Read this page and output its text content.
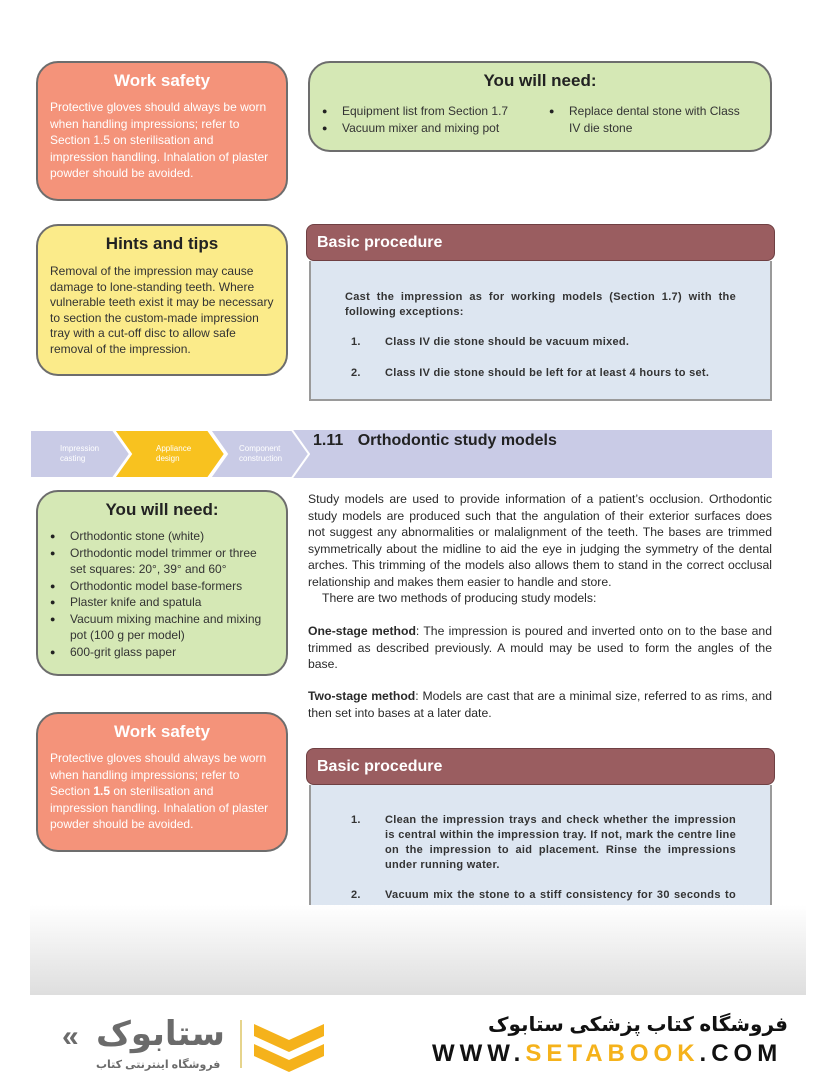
Work safety

Protective gloves should always be worn when handling impressions; refer to Section 1.5 on sterilisation and impression handling. Inhalation of plaster powder should be avoided.

You will need:
● Equipment list from Section 1.7
● Vacuum mixer and mixing pot
● Replace dental stone with Class IV die stone
Hints and tips

Removal of the impression may cause damage to lone-standing teeth. Where vulnerable teeth exist it may be necessary to section the custom-made impression tray with a cut-off disc to allow safe removal of the impression.

Basic procedure
Cast the impression as for working models (Section 1.7) with the following exceptions:
1.	Class IV die stone should be vacuum mixed.
2.	Class IV die stone should be left for at least 4 hours to set.
Impression casting
Appliance design
Component construction
1.11 Orthodontic study models
You will need:
● Orthodontic stone (white)
● Orthodontic model trimmer or three set squares: 20°, 39° and 60°
● Orthodontic model base-formers
● Plaster knife and spatula
● Vacuum mixing machine and mixing pot (100 g per model)
● 600-grit glass paper

Study models are used to provide information of a patient’s occlusion. Orthodontic study models are produced such that the angulation of their exterior surfaces does not suggest any abnormalities or malalignment of the teeth. The bases are trimmed symmetrically about the midline to aid the eye in judging the symmetry of the dental arches. This trimming of the models also allows them to stand in the correct occlusal relationship and makes them easier to handle and store.

There are two methods of producing study models:

One-stage method: The impression is poured and inverted onto on to the base and trimmed as described previously. A mould may be used to form the angles of the base.

Two-stage method: Models are cast that are a minimal size, referred to as rims, and then set into bases at a later date.

Work safety

Protective gloves should always be worn when handling impressions; refer to Section 1.5 on sterilisation and impression handling. Inhalation of plaster powder should be avoided.

Basic procedure
1.	Clean the impression trays and check whether the impression is central within the impression tray. If not, mark the centre line on the impression to aid placement. Rinse the impressions under running water.
2.	Vacuum mix the stone to a stiff consistency for 30 seconds to
« ستابوک
فروشگاه اینترنتی کتاب
فروشگاه کتاب پزشکی ستابوک
WWW.SETABOOK.COM
